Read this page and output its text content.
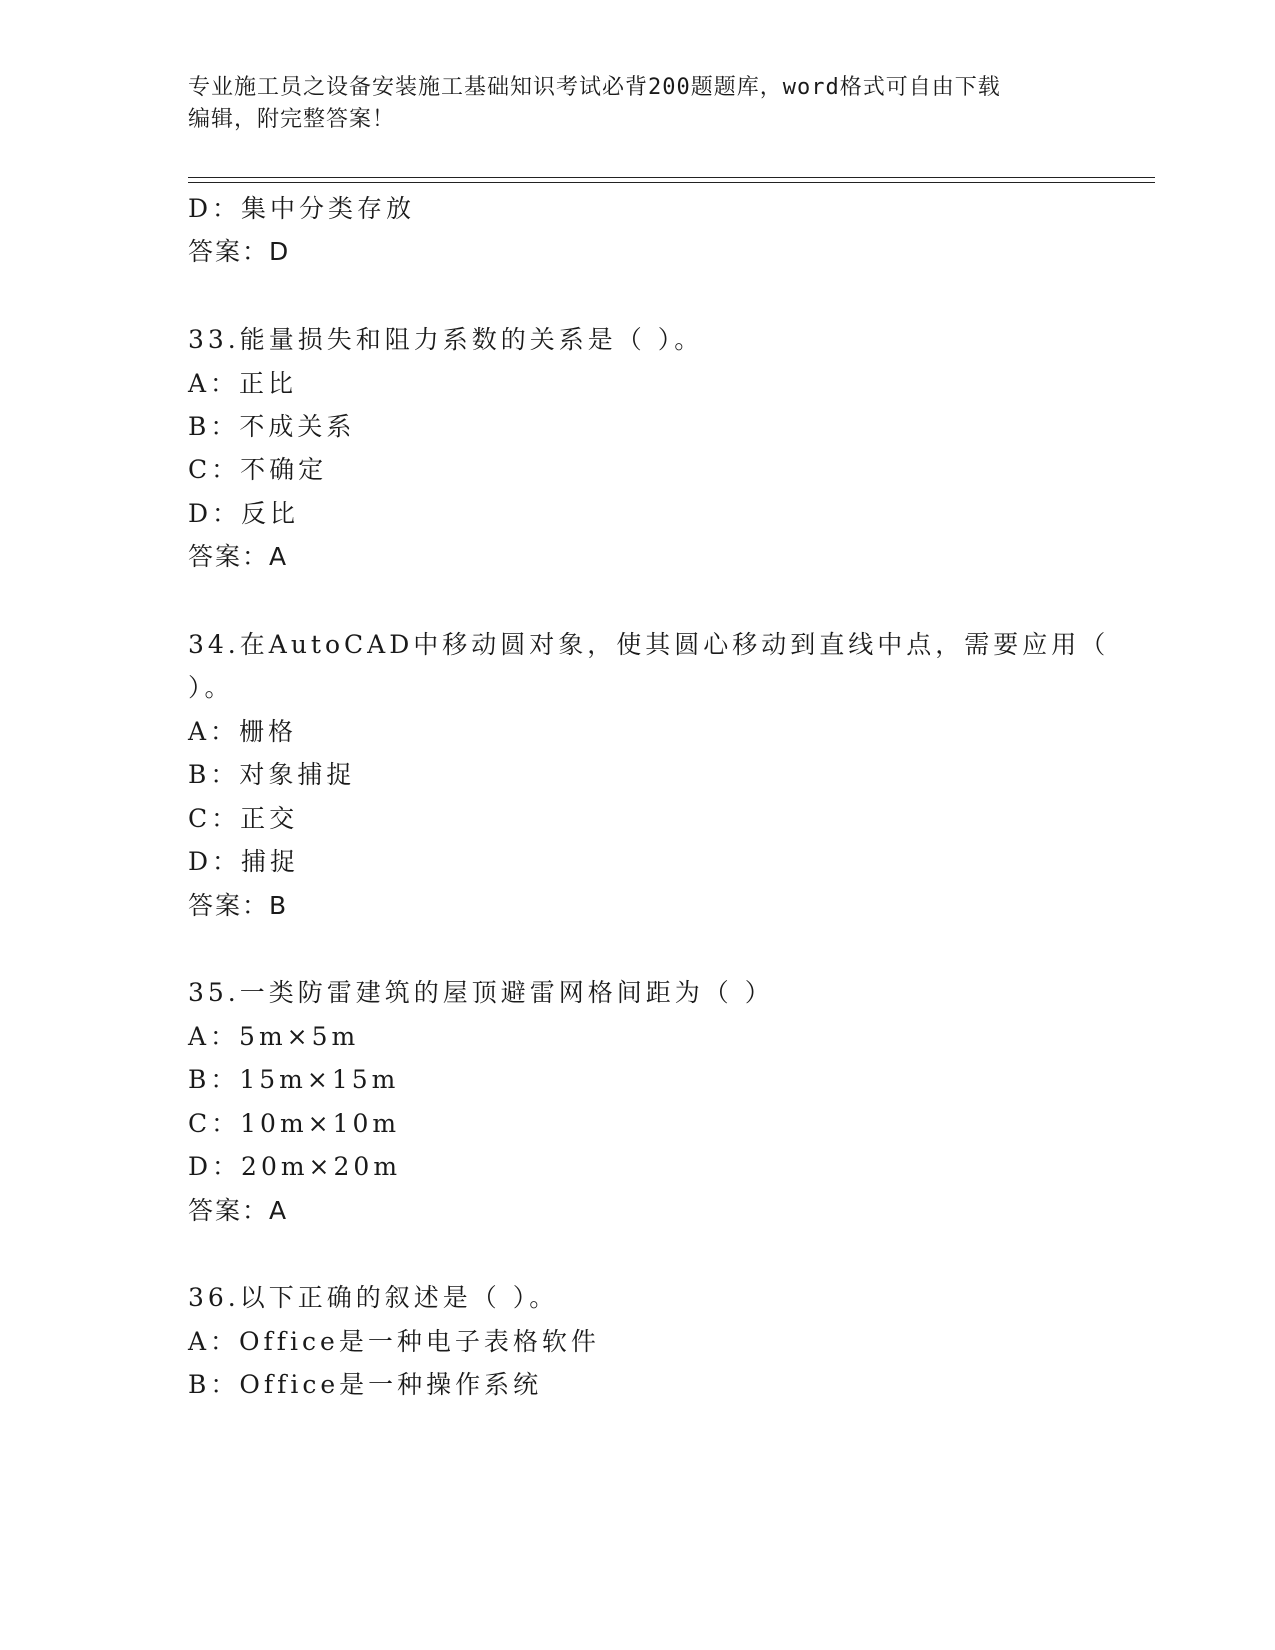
专业施工员之设备安装施工基础知识考试必背200题题库，word格式可自由下载
编辑，附完整答案！
D：集中分类存放
答案：D
33.能量损失和阻力系数的关系是（ ）。
A：正比
B：不成关系
C：不确定
D：反比
答案：A
34.在AutoCAD中移动圆对象，使其圆心移动到直线中点，需要应用（
）。
A：栅格
B：对象捕捉
C：正交
D：捕捉
答案：B
35.一类防雷建筑的屋顶避雷网格间距为（ ）
A：5m×5m
B：15m×15m
C：10m×10m
D：20m×20m
答案：A
36.以下正确的叙述是（ ）。
A：Office是一种电子表格软件
B：Office是一种操作系统
